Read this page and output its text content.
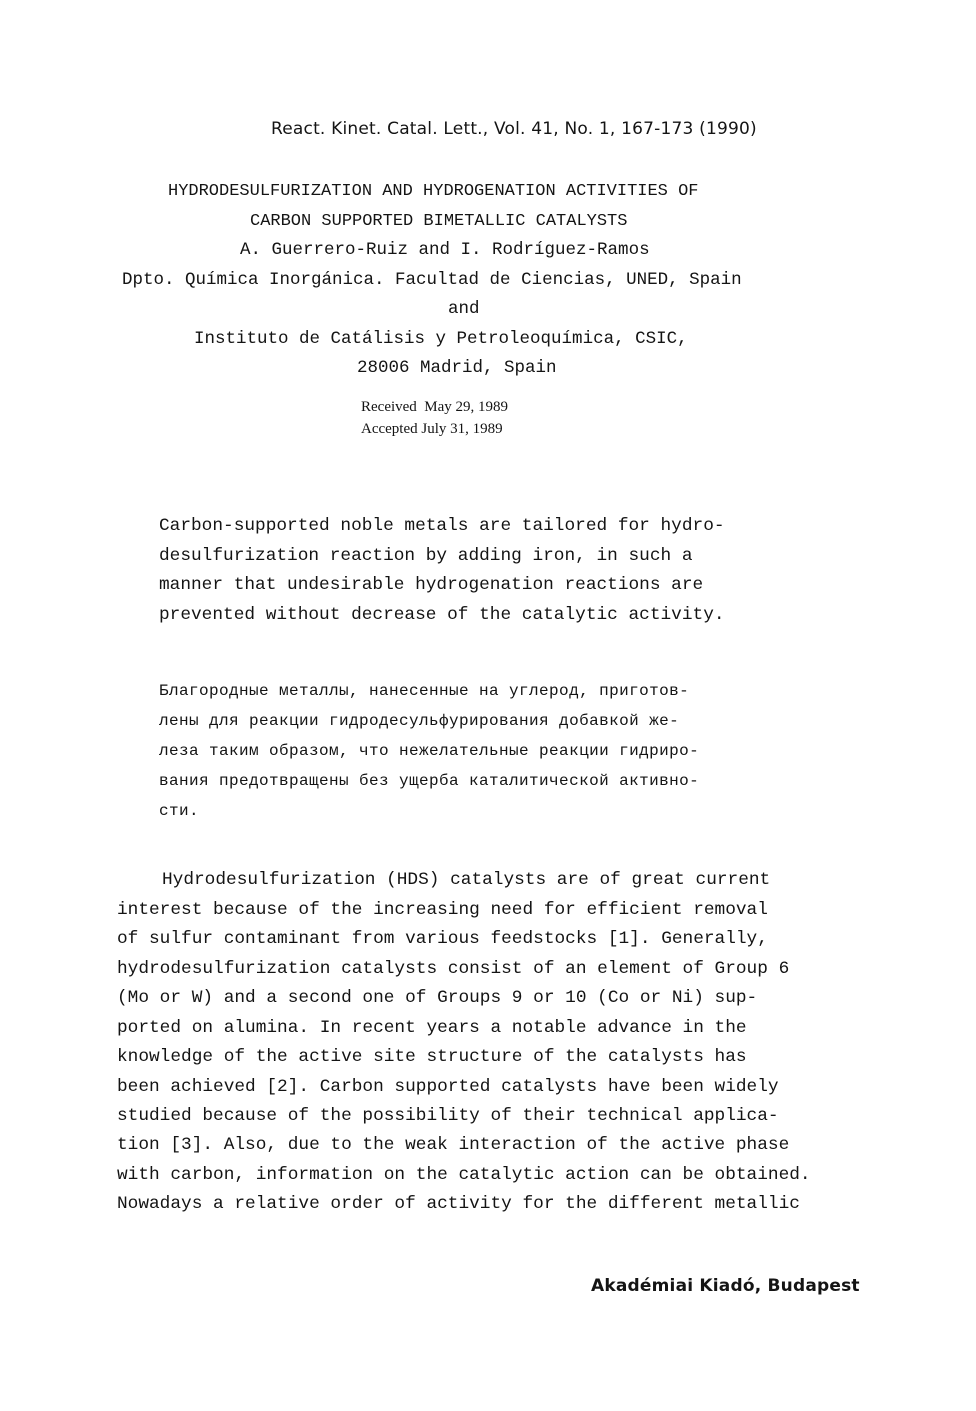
React. Kinet. Catal. Lett., Vol. 41, No. 1, 167-173 (1990)
HYDRODESULFURIZATION AND HYDROGENATION ACTIVITIES OF
CARBON SUPPORTED BIMETALLIC CATALYSTS
A. Guerrero-Ruiz and I. Rodríguez-Ramos
Dpto. Química Inorgánica. Facultad de Ciencias, UNED, Spain
and
Instituto de Catálisis y Petroleoquímica, CSIC,
28006 Madrid, Spain
Received  May 29, 1989
Accepted July 31, 1989
Carbon-supported noble metals are tailored for hydro-
desulfurization reaction by adding iron, in such a
manner that undesirable hydrogenation reactions are
prevented without decrease of the catalytic activity.
Благородные металлы, нанесенные на углерод, приготов-
лены для реакции гидродесульфурирования добавкой же-
леза таким образом, что нежелательные реакции гидриро-
вания предотвращены без ущерба каталитической активно-
сти.
Hydrodesulfurization (HDS) catalysts are of great current
interest because of the increasing need for efficient removal
of sulfur contaminant from various feedstocks [1]. Generally,
hydrodesulfurization catalysts consist of an element of Group 6
(Mo or W) and a second one of Groups 9 or 10 (Co or Ni) sup-
ported on alumina. In recent years a notable advance in the
knowledge of the active site structure of the catalysts has
been achieved [2]. Carbon supported catalysts have been widely
studied because of the possibility of their technical applica-
tion [3]. Also, due to the weak interaction of the active phase
with carbon, information on the catalytic action can be obtained.
Nowadays a relative order of activity for the different metallic
Akadémiai Kiadó, Budapest
